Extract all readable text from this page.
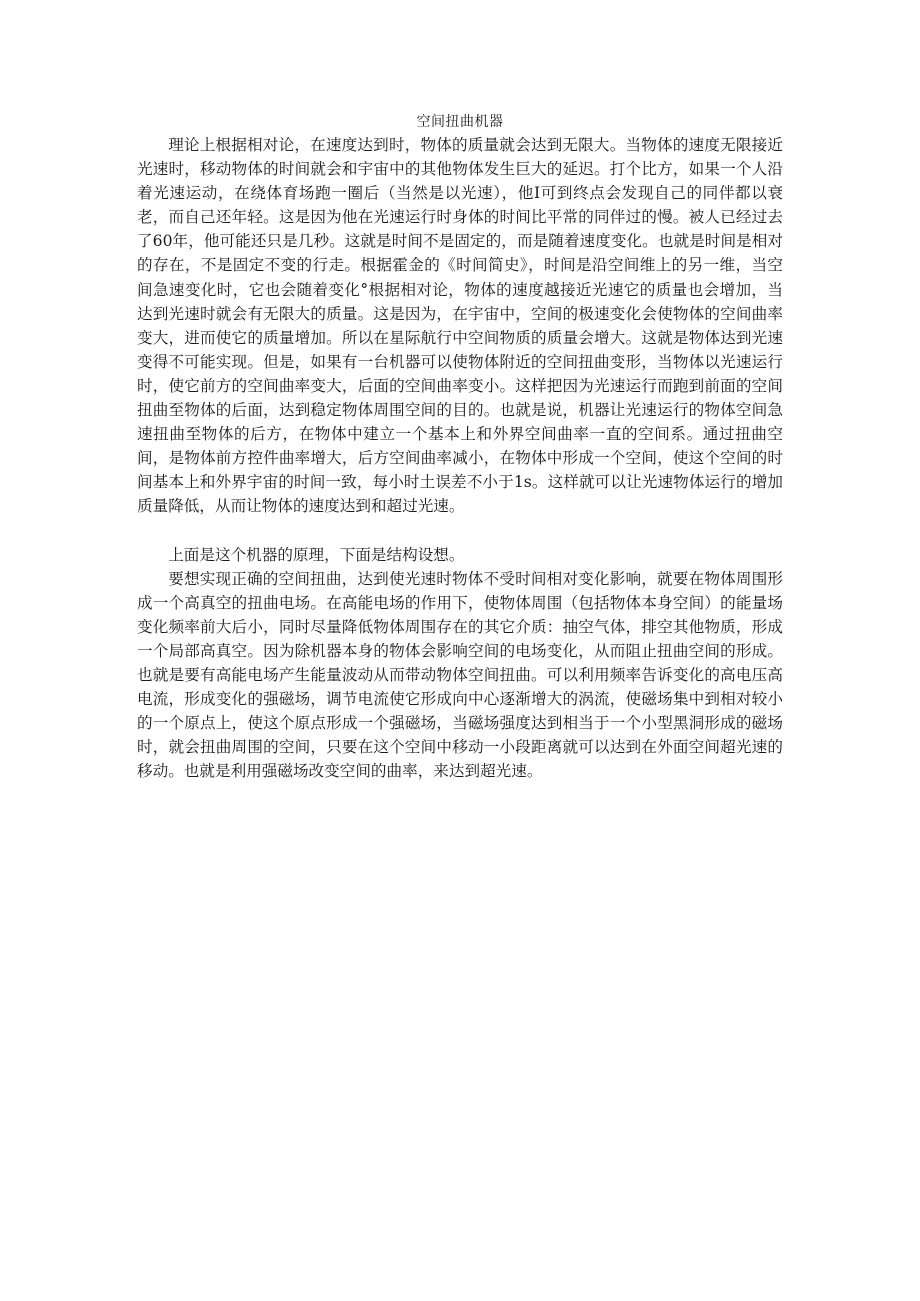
空间扭曲机器

理论上根据相对论，在速度达到时，物体的质量就会达到无限大。当物体的速度无限接近光速时，移动物体的时间就会和宇宙中的其他物体发生巨大的延迟。打个比方，如果一个人沿着光速运动，在绕体育场跑一圈后（当然是以光速），他I可到终点会发现自己的同伴都以衰老，而自己还年轻。这是因为他在光速运行时身体的时间比平常的同伴过的慢。被人已经过去了60年，他可能还只是几秒。这就是时间不是固定的，而是随着速度变化。也就是时间是相对的存在，不是固定不变的行走。根据霍金的《时间简史》，时间是沿空间维上的另一维，当空间急速变化时，它也会随着变化°根据相对论，物体的速度越接近光速它的质量也会增加，当达到光速时就会有无限大的质量。这是因为，在宇宙中，空间的极速变化会使物体的空间曲率变大，进而使它的质量增加。所以在星际航行中空间物质的质量会增大。这就是物体达到光速变得不可能实现。但是，如果有一台机器可以使物体附近的空间扭曲变形，当物体以光速运行时，使它前方的空间曲率变大，后面的空间曲率变小。这样把因为光速运行而跑到前面的空间扭曲至物体的后面，达到稳定物体周围空间的目的。也就是说，机器让光速运行的物体空间急速扭曲至物体的后方，在物体中建立一个基本上和外界空间曲率一直的空间系。通过扭曲空间，是物体前方控件曲率增大，后方空间曲率减小，在物体中形成一个空间，使这个空间的时间基本上和外界宇宙的时间一致，每小时土误差不小于1s。这样就可以让光速物体运行的增加质量降低，从而让物体的速度达到和超过光速。

上面是这个机器的原理，下面是结构设想。

要想实现正确的空间扭曲，达到使光速时物体不受时间相对变化影响，就要在物体周围形成一个高真空的扭曲电场。在高能电场的作用下，使物体周围（包括物体本身空间）的能量场变化频率前大后小，同时尽量降低物体周围存在的其它介质：抽空气体，排空其他物质，形成一个局部高真空。因为除机器本身的物体会影响空间的电场变化，从而阻止扭曲空间的形成。也就是要有高能电场产生能量波动从而带动物体空间扭曲。可以利用频率告诉变化的高电压高电流，形成变化的强磁场，调节电流使它形成向中心逐渐增大的涡流，使磁场集中到相对较小的一个原点上，使这个原点形成一个强磁场，当磁场强度达到相当于一个小型黑洞形成的磁场时，就会扭曲周围的空间，只要在这个空间中移动一小段距离就可以达到在外面空间超光速的移动。也就是利用强磁场改变空间的曲率，来达到超光速。
